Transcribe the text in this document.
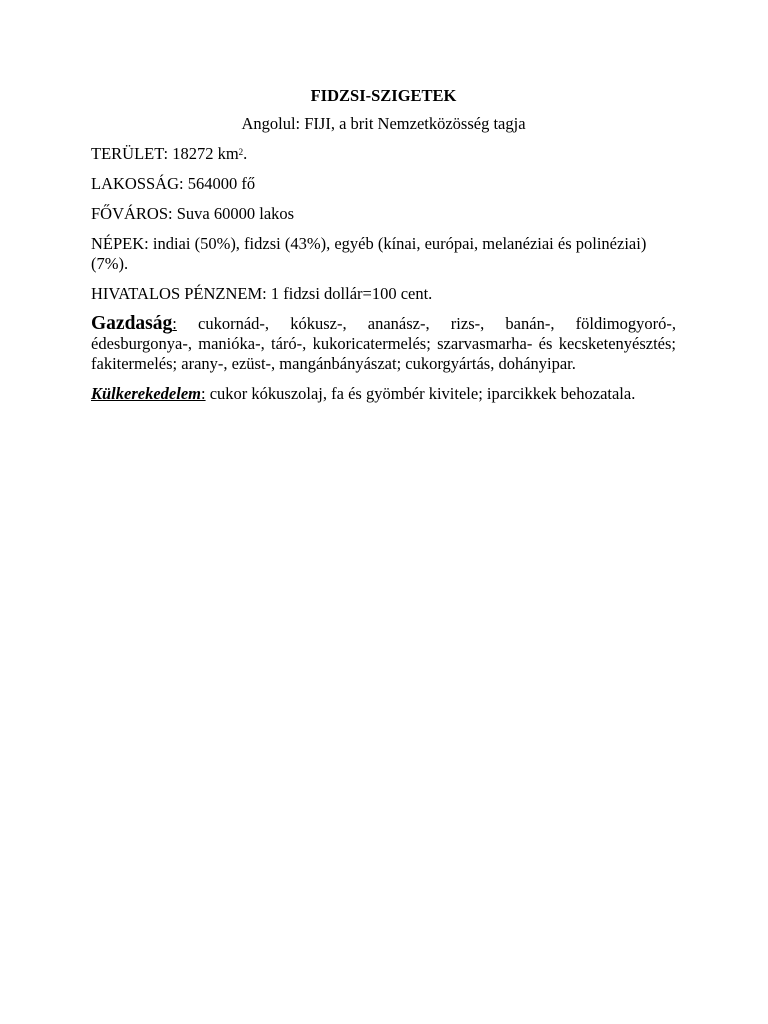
FIDZSI-SZIGETEK

Angolul: FIJI, a brit Nemzetközösség tagja

TERÜLET: 18272 $km^2$.

LAKOSSÁG: 564000 fő

FŐVÁROS: Suva 60000 lakos

NÉPEK: indiai (50%), fidzsi (43%), egyéb (kínai, európai, melanéziai és polinéziai) (7%).

HIVATALOS PÉNZNEM: 1 fidzsi dollár=100 cent.

Gazdaság: cukornád-, kókusz-, ananász-, rizs-, banán-, földimogyoró-, édesburgonya-, manióka-, táró-, kukoricatermelés; szarvasmarha- és kecsketenyésztés; fakitermelés; arany-, ezüst-, mangánbányászat; cukorgyártás, dohányipar.

Külkerekedelem: cukor kókuszolaj, fa és gyömbér kivitele; iparcikkek behozatala.
